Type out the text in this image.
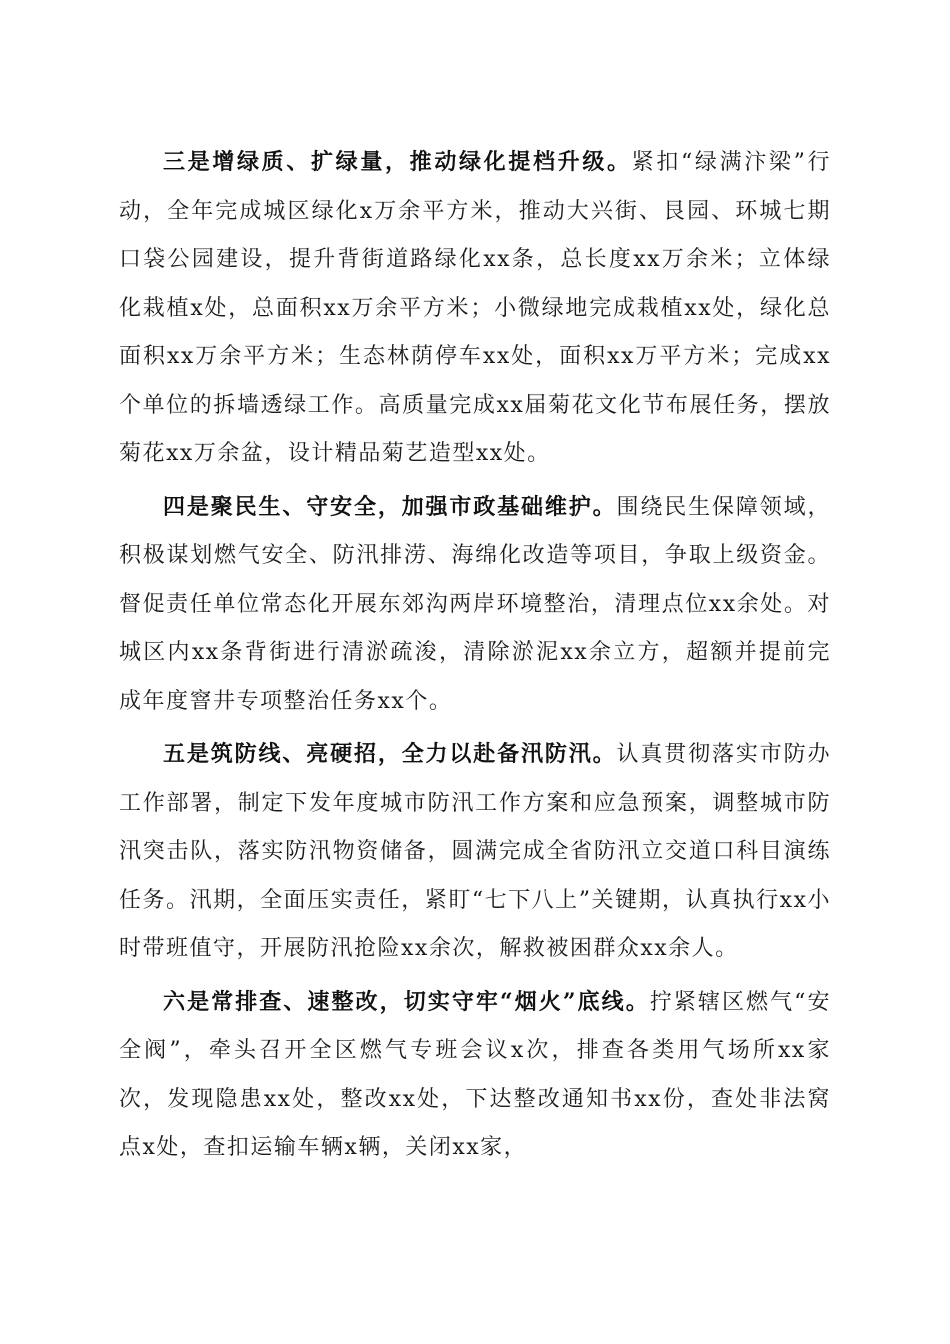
三是增绿质、扩绿量，推动绿化提档升级。紧扣“绿满汴梁”行动，全年完成城区绿化x万余平方米，推动大兴街、艮园、环城七期口袋公园建设，提升背街道路绿化xx条，总长度xx万余米；立体绿化栽植x处，总面积xx万余平方米；小微绿地完成栽植xx处，绿化总面积xx万余平方米；生态林荫停车xx处，面积xx万平方米；完成xx个单位的拆墙透绿工作。高质量完成xx届菊花文化节布展任务，摆放菊花xx万余盆，设计精品菊艺造型xx处。

四是聚民生、守安全，加强市政基础维护。围绕民生保障领域，积极谋划燃气安全、防汛排涝、海绵化改造等项目，争取上级资金。督促责任单位常态化开展东郊沟两岸环境整治，清理点位xx余处。对城区内xx条背街进行清淤疏浚，清除淤泥xx余立方，超额并提前完成年度窨井专项整治任务xx个。

五是筑防线、亮硬招，全力以赴备汛防汛。认真贯彻落实市防办工作部署，制定下发年度城市防汛工作方案和应急预案，调整城市防汛突击队，落实防汛物资储备，圆满完成全省防汛立交道口科目演练任务。汛期，全面压实责任，紧盯“七下八上”关键期，认真执行xx小时带班值守，开展防汛抢险xx余次，解救被困群众xx余人。

六是常排查、速整改，切实守牢“烟火”底线。拧紧辖区燃气“安全阀”，牵头召开全区燃气专班会议x次，排查各类用气场所xx家次，发现隐患xx处，整改xx处，下达整改通知书xx份，查处非法窝点x处，查扣运输车辆x辆，关闭xx家，
